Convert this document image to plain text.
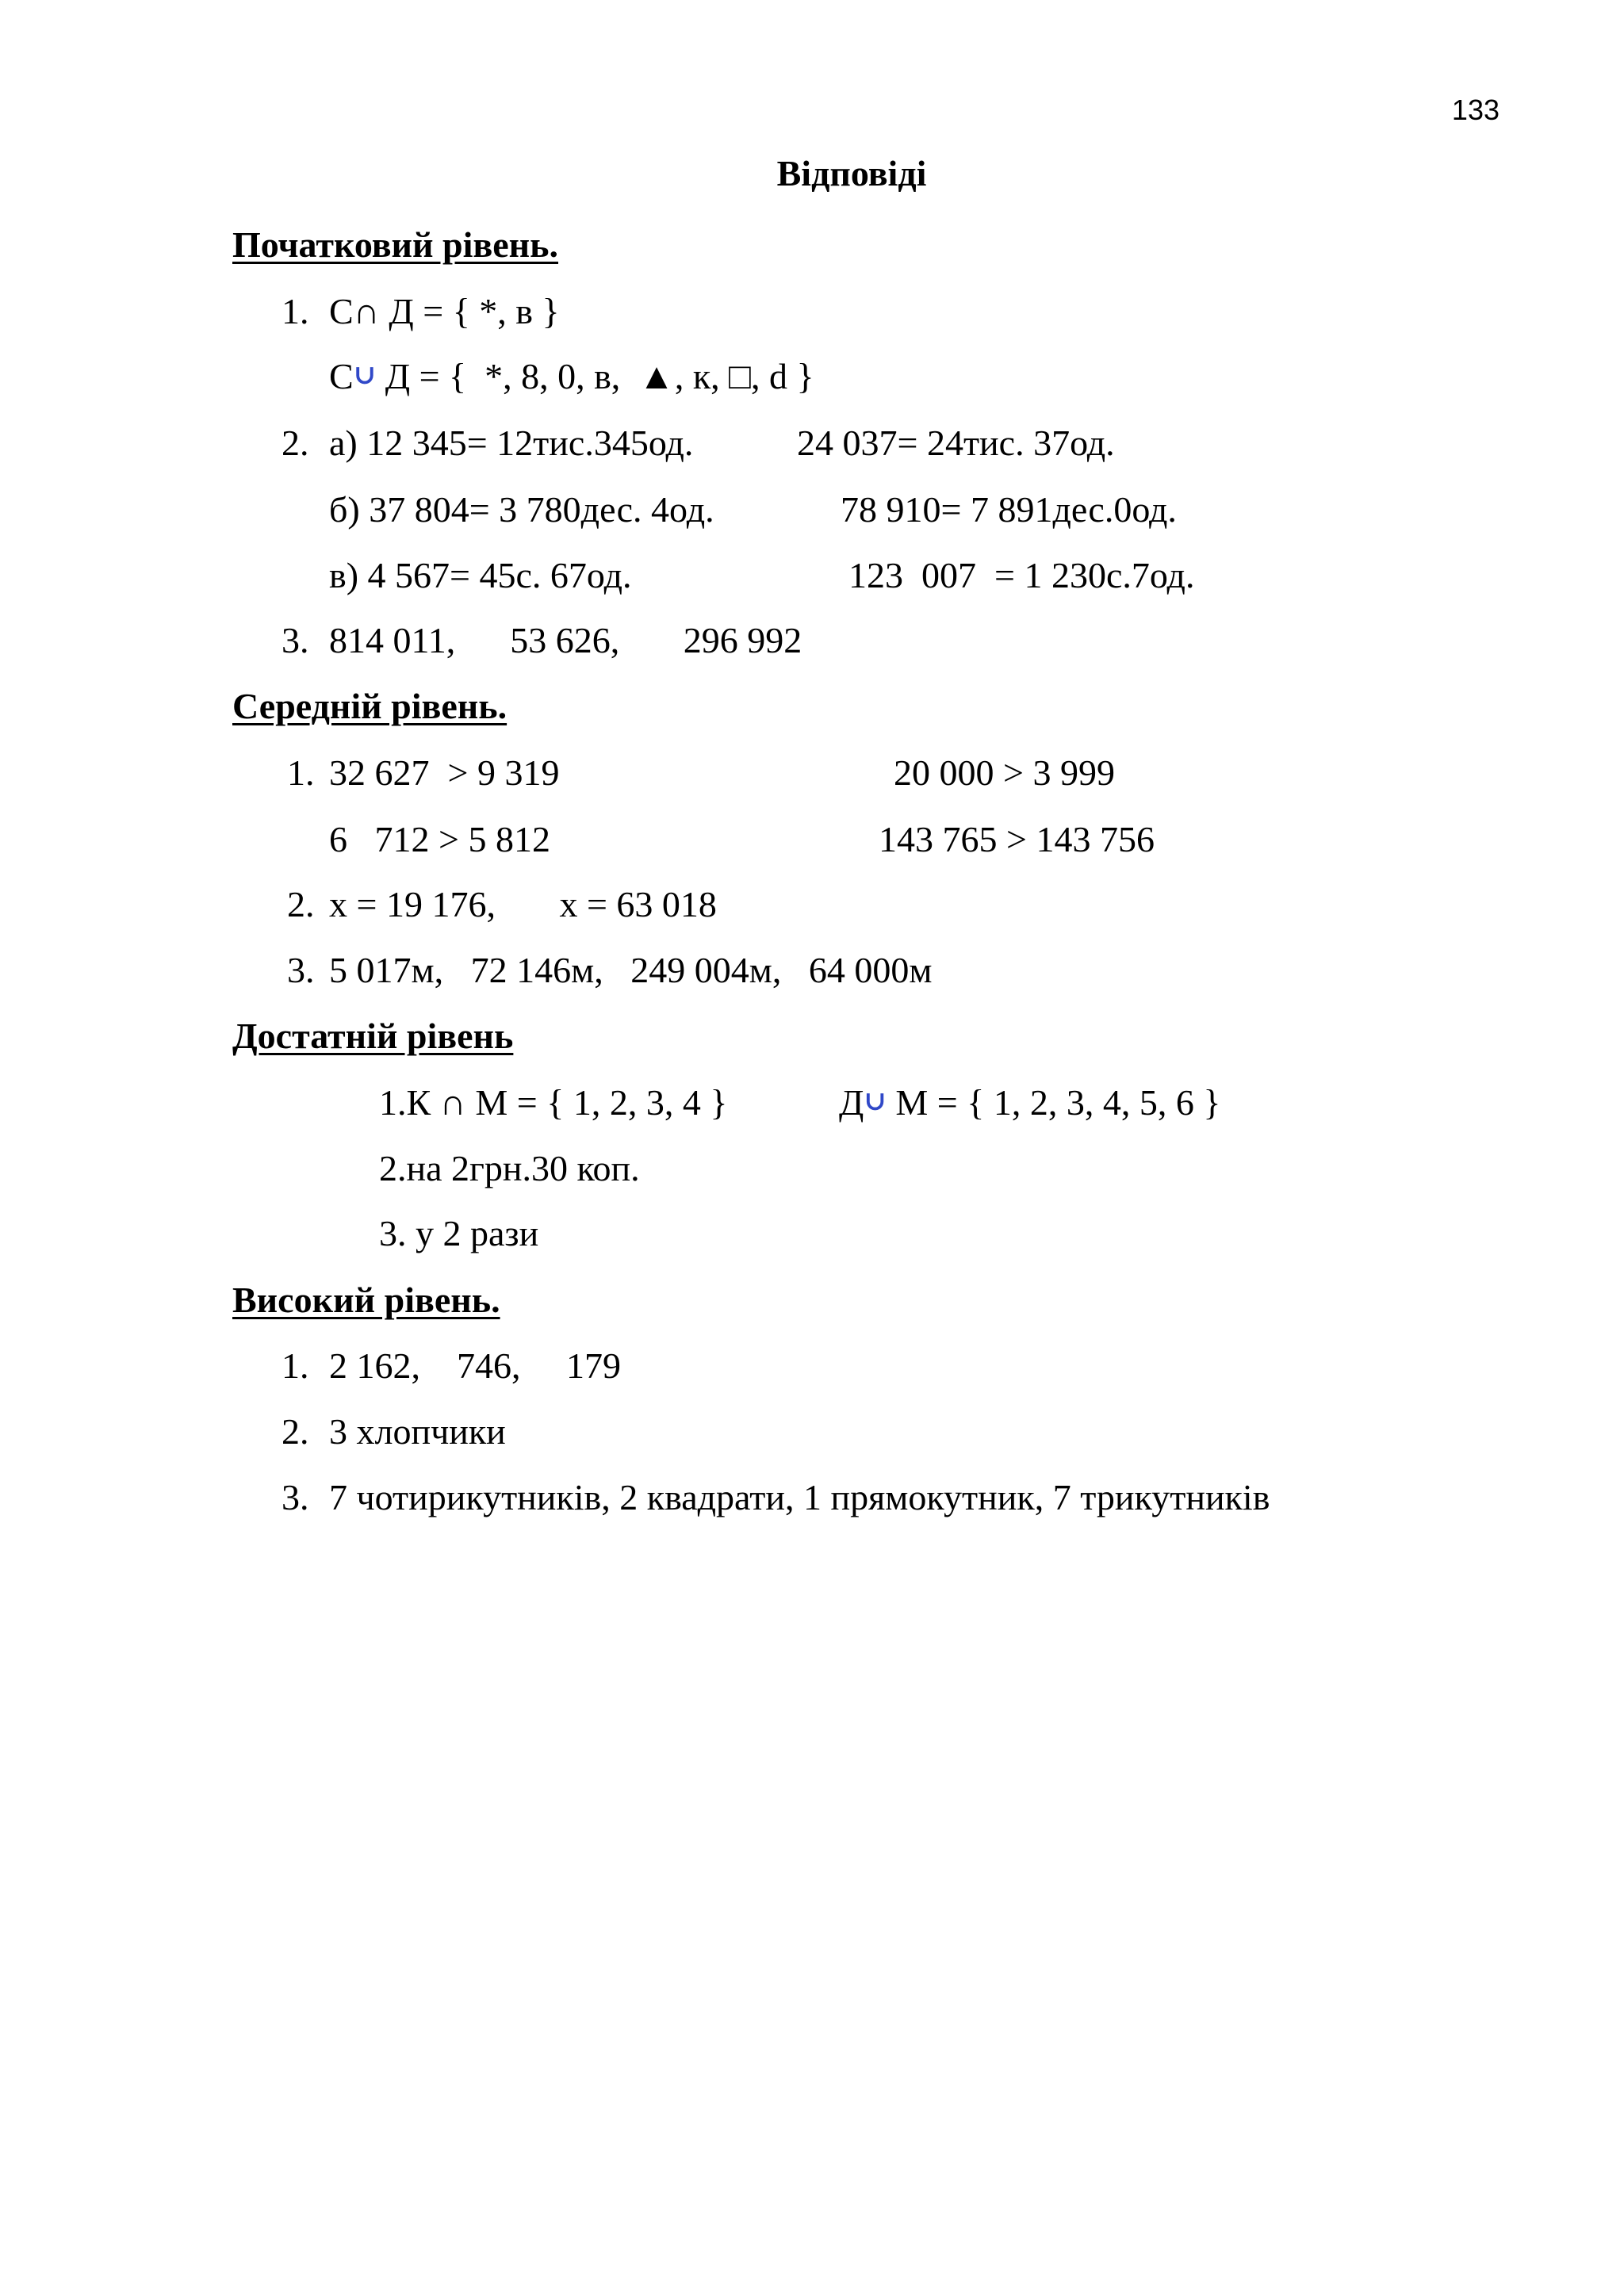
133
Відповіді
Початковий рівень.
1. С∩ Д = { *, в }
С∪ Д = {  *, 8, 0, в,  ▲, к, □, d }
2. а) 12 345= 12тис.345од.	24 037= 24тис. 37од.
б) 37 804= 3 780дес. 4од.	78 910= 7 891дес.0од.
в) 4 567= 45с. 67од.	123  007  = 1 230с.7од.
3. 814 011,      53 626,       296 992
Середній рівень.
1. 32 627  > 9 319	20 000 > 3 999
6   712 > 5 812	143 765 > 143 756
2. x = 19 176,       x = 63 018
3. 5 017м,   72 146м,   249 004м,   64 000м
Достатній рівень
1.К ∩ М = { 1, 2, 3, 4 }	Д∪ М = { 1, 2, 3, 4, 5, 6 }
2.на 2грн.30 коп.
3. у 2 рази
Високий рівень.
1. 2 162,    746,     179
2. 3 хлопчики
3. 7 чотирикутників, 2 квадрати, 1 прямокутник, 7 трикутників
